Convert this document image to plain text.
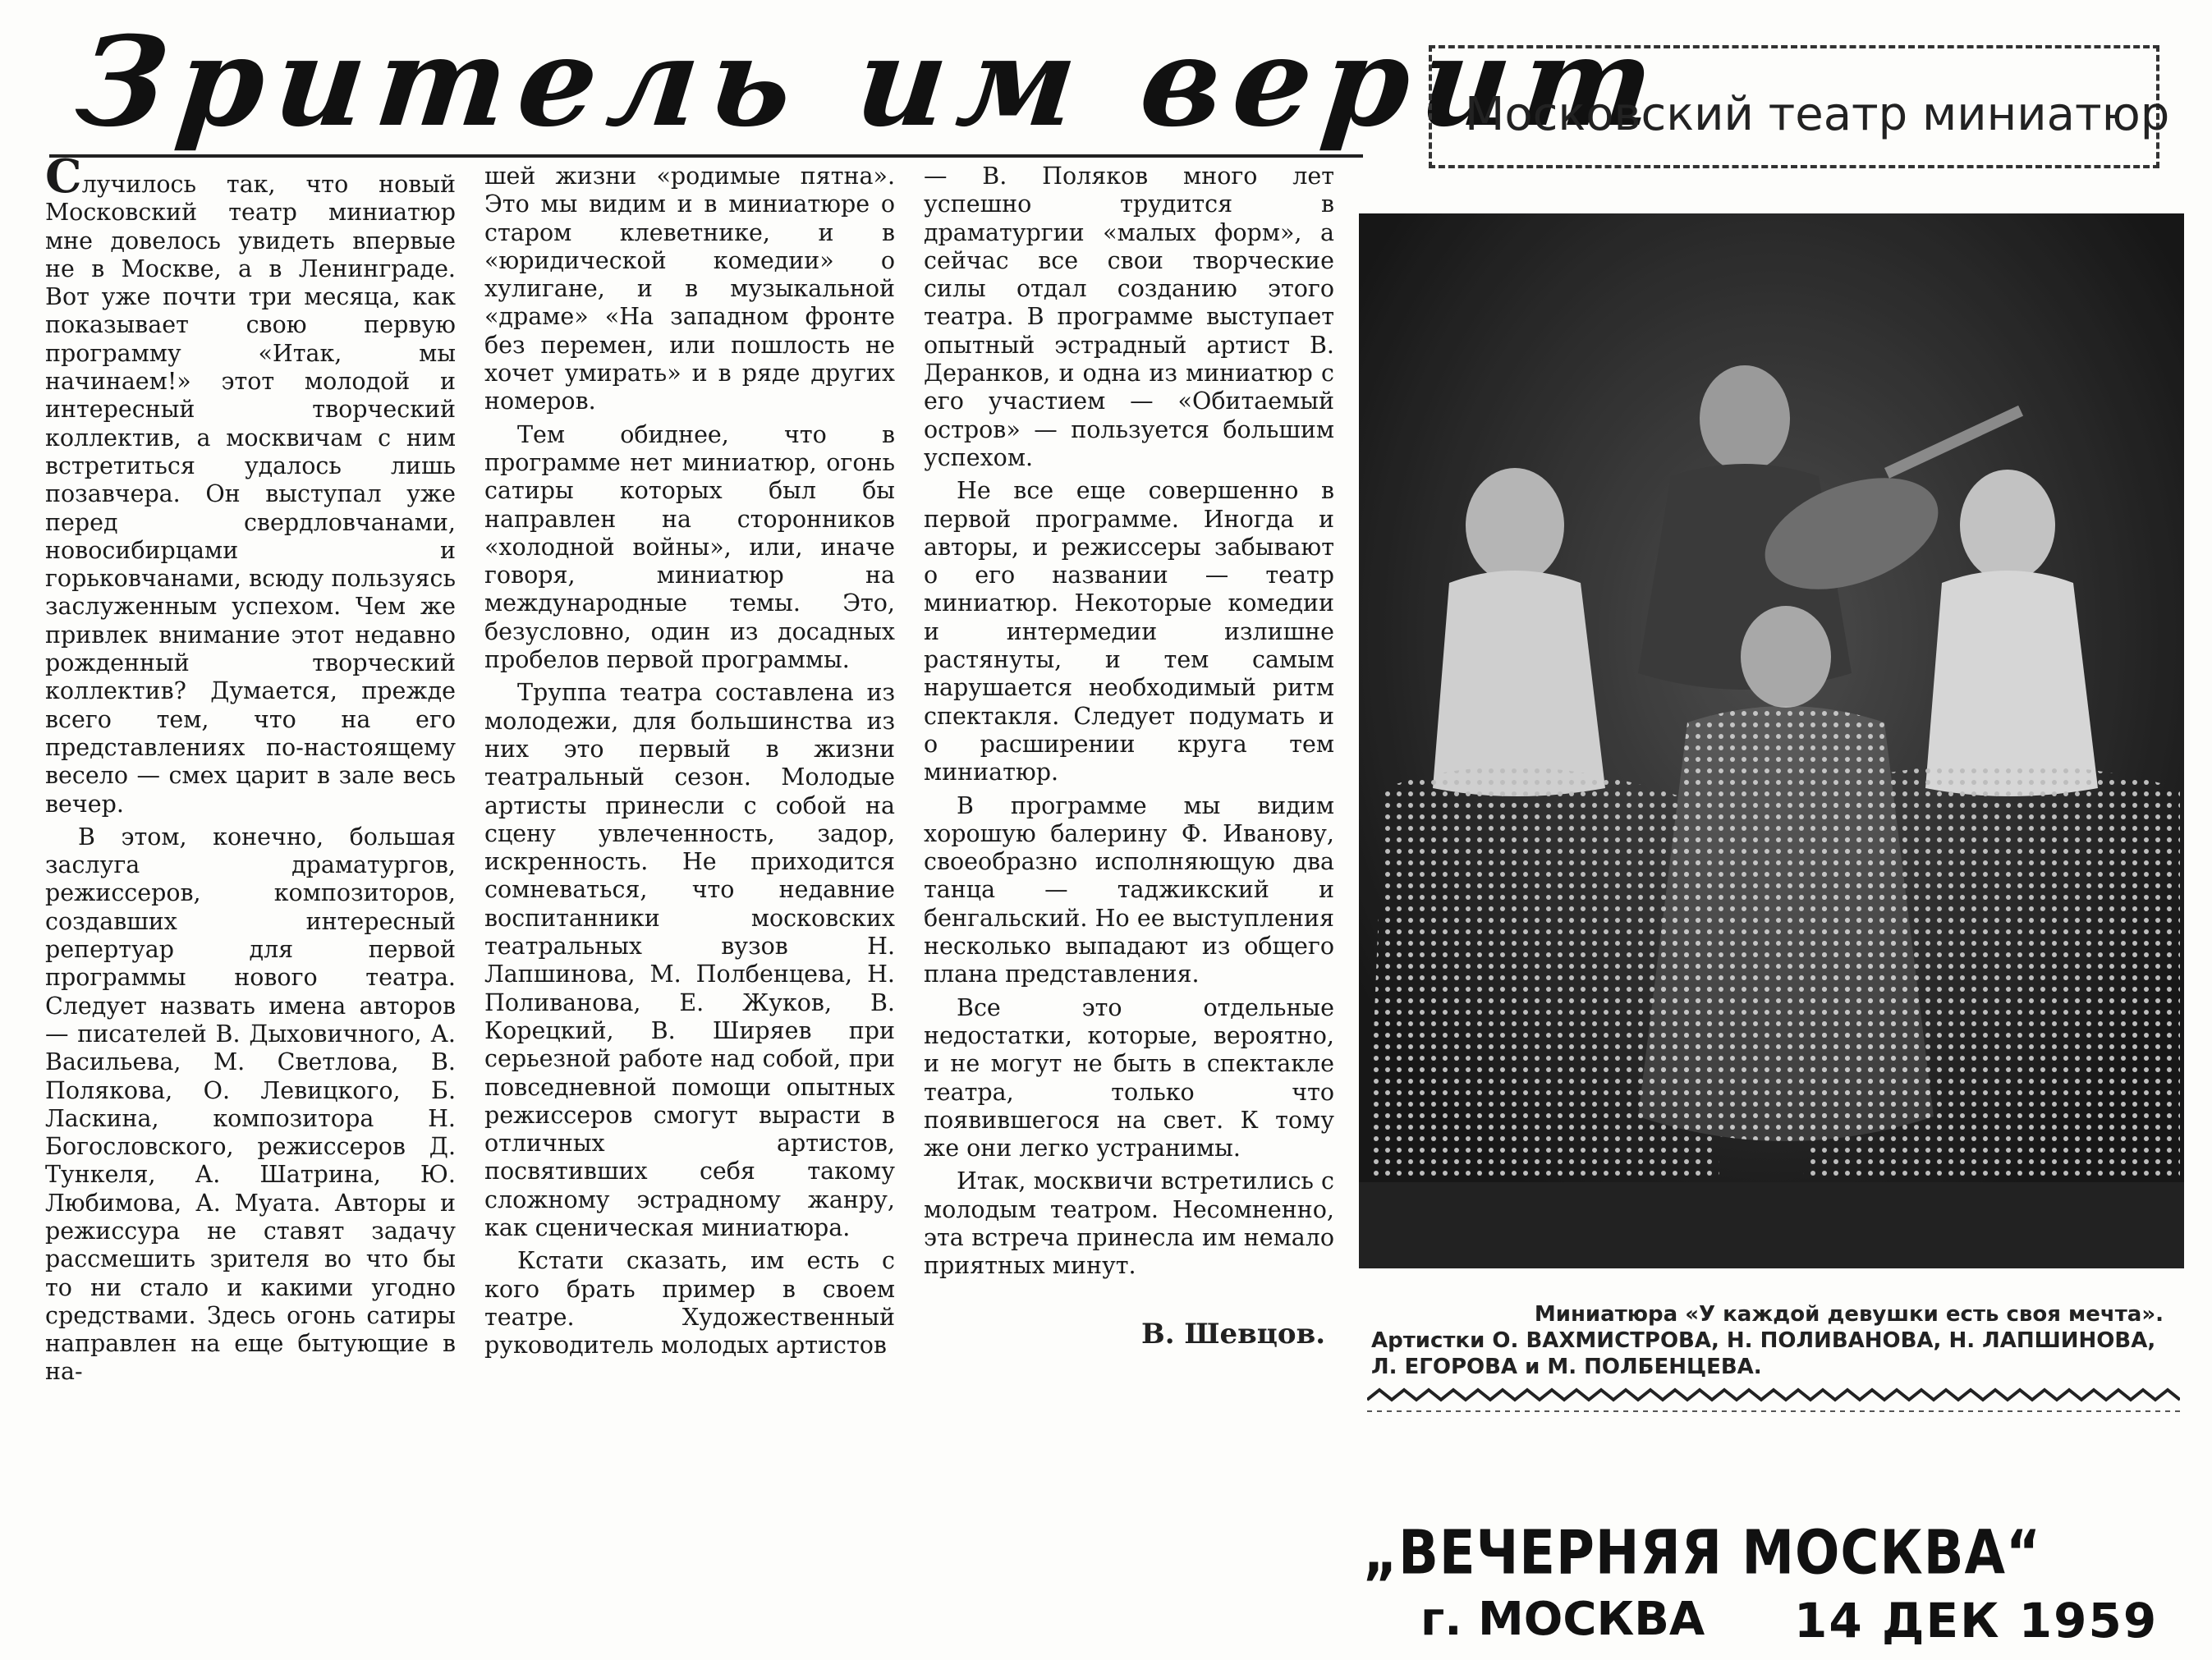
Зритель им верит
Московский театр миниатюр

Случилось так, что новый Московский театр миниатюр мне довелось увидеть впервые не в Москве, а в Ленинграде. Вот уже почти три месяца, как показывает свою первую программу «Итак, мы начинаем!» этот молодой и интересный творческий коллектив, а москвичам с ним встретиться удалось лишь позавчера. Он выступал уже перед свердловчанами, новосибирцами и горьковчанами, всюду пользуясь заслуженным успехом. Чем же привлек внимание этот недавно рожденный творческий коллектив? Думается, прежде всего тем, что на его представлениях по-настоящему весело — смех царит в зале весь вечер.

В этом, конечно, большая заслуга драматургов, режиссеров, композиторов, создавших интересный репертуар для первой программы нового театра. Следует назвать имена авторов — писателей В. Дыховичного, А. Васильева, М. Светлова, В. Полякова, О. Левицкого, Б. Ласкина, композитора Н. Богословского, режиссеров Д. Тункеля, А. Шатрина, Ю. Любимова, А. Муата. Авторы и режиссура не ставят задачу рассмешить зрителя во что бы то ни стало и какими угодно средствами. Здесь огонь сатиры направлен на еще бытующие в на-

шей жизни «родимые пятна». Это мы видим и в миниатюре о старом клеветнике, и в «юридической комедии» о хулигане, и в музыкальной «драме» «На западном фронте без перемен, или пошлость не хочет умирать» и в ряде других номеров.

Тем обиднее, что в программе нет миниатюр, огонь сатиры которых был бы направлен на сторонников «холодной войны», или, иначе говоря, миниатюр на международные темы. Это, безусловно, один из досадных пробелов первой программы.

Труппа театра составлена из молодежи, для большинства из них это первый в жизни театральный сезон. Молодые артисты принесли с собой на сцену увлеченность, задор, искренность. Не приходится сомневаться, что недавние воспитанники московских театральных вузов Н. Лапшинова, М. Полбенцева, Н. Поливанова, Е. Жуков, В. Корецкий, В. Ширяев при серьезной работе над собой, при повседневной помощи опытных режиссеров смогут вырасти в отличных артистов, посвятивших себя такому сложному эстрадному жанру, как сценическая миниатюра.

Кстати сказать, им есть с кого брать пример в своем театре. Художественный руководитель молодых артистов

— В. Поляков много лет успешно трудится в драматургии «малых форм», а сейчас все свои творческие силы отдал созданию этого театра. В программе выступает опытный эстрадный артист В. Деранков, и одна из миниатюр с его участием — «Обитаемый остров» — пользуется большим успехом.

Не все еще совершенно в первой программе. Иногда и авторы, и режиссеры забывают о его названии — театр миниатюр. Некоторые комедии и интермедии излишне растянуты, и тем самым нарушается необходимый ритм спектакля. Следует подумать и о расширении круга тем миниатюр.

В программе мы видим хорошую балерину Ф. Иванову, своеобразно исполняющую два танца — таджикский и бенгальский. Но ее выступления несколько выпадают из общего плана представления.

Все это отдельные недостатки, которые, вероятно, и не могут не быть в спектакле театра, только что появившегося на свет. К тому же они легко устранимы.

Итак, москвичи встретились с молодым театром. Несомненно, эта встреча принесла им немало приятных минут.

В. Шевцов.
Миниатюра «У каждой девушки есть своя мечта».
Артистки О. ВАХМИСТРОВА, Н. ПОЛИВАНОВА, Н. ЛАПШИНОВА, Л. ЕГОРОВА и М. ПОЛБЕНЦЕВА.
„ВЕЧЕРНЯЯ МОСКВА“
г. МОСКВА 14 ДЕК 1959
